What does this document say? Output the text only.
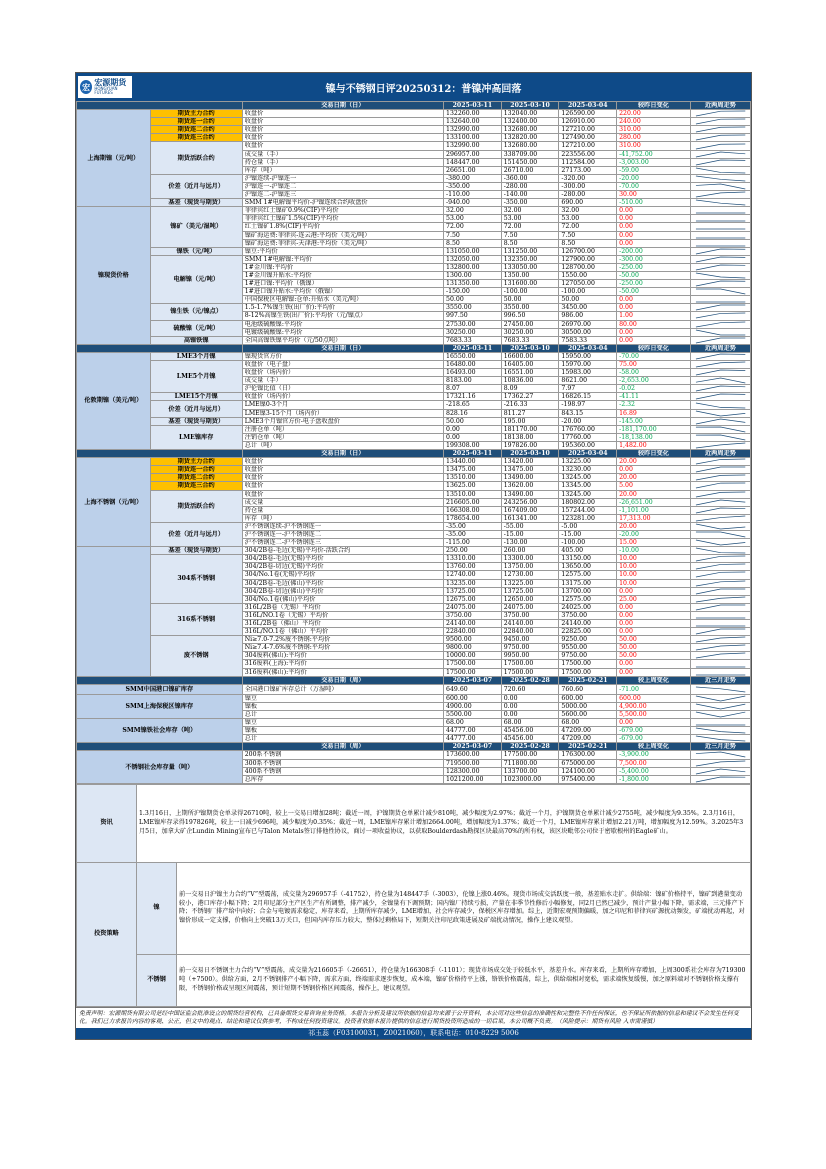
宏 宏源期货
HONGYUAN FUTURES	镍与不锈钢日评20250312：普镍冲高回落
		交易日期（日）	2025-03-11	2025-03-10	2025-03-04	较昨日变化	近两周走势
上海期镍（元/吨）	期货主力合约	收盘价	132260.00	132040.00	126590.00	220.00	

	期货连一合约	收盘价	132640.00	132400.00	126910.00	240.00	

	期货连二合约	收盘价	132990.00	132680.00	127210.00	310.00	

	期货连三合约	收盘价	133100.00	132820.00	127490.00	280.00	

	期货活跃合约	收盘价	132990.00	132680.00	127210.00	310.00	

		成交量（手）	296957.00	338709.00	223556.00	-41,752.00	

		持仓量（手）	148447.00	151450.00	112584.00	-3,003.00	

		库存（吨）	26651.00	26710.00	27173.00	-59.00	

	价差（近月与远月）	沪镍连续-沪镍连一	-380.00	-360.00	-320.00	-20.00	

		沪镍连一-沪镍连二	-350.00	-280.00	-300.00	-70.00	

		沪镍连二-沪镍连三	-110.00	-140.00	-280.00	30.00	

	基差（现货与期货）	SMM 1#电解镍平均价-沪镍连续合约收盘价	-940.00	-350.00	690.00	-510.00	

镍现货价格	镍矿（美元/湿吨）	菲律宾红土镍矿0.9%(CIF)平均价	32.00	32.00	32.00	0.00	

		菲律宾红土镍矿1.5%(CIF)平均价	53.00	53.00	53.00	0.00	

		红土镍矿1.8%(CIF)平均价	72.00	72.00	72.00	0.00	

		镍矿海运费:菲律宾-连云港:平均价（美元/吨）	7.50	7.50	7.50	0.00	

		镍矿海运费:菲律宾-天津港:平均价（美元/吨）	8.50	8.50	8.50	0.00	

	镍铁（元/吨）	镍豆:平均价	131050.00	131250.00	126700.00	-200.00	

	电解镍（元/吨）	SMM 1#电解镍:平均价	132050.00	132350.00	127900.00	-300.00	

		1#金川镍:平均价	132800.00	133050.00	128700.00	-250.00	

		1#金川镍升贴水:平均价	1300.00	1350.00	1550.00	-50.00	

		1#进口镍:平均价（俄镍）	131350.00	131600.00	127050.00	-250.00	

		1#进口镍升贴水:平均价（俄镍）	-150.00	-100.00	-100.00	-50.00	

		中国保税区电解镍:仓单:升贴水（美元/吨）	50.00	50.00	50.00	0.00	

	镍生铁（元/镍点）	1.5-1.7%镍生铁(出厂价):平均价	3550.00	3550.00	3450.00	0.00	

		8-12%高镍生铁(出厂价):平均价（元/镍点）	997.50	996.50	986.00	1.00	

	硫酸镍（元/吨）	电池级硫酸镍:平均价	27530.00	27450.00	26970.00	80.00	

		电镀级硫酸镍:平均价	30250.00	30250.00	30500.00	0.00	

	高镍铁镍	全国高镍铁镍平均价（元/50点吨）	7683.33	7683.33	7583.33	0.00	

		交易日期（日）	2025-03-11	2025-03-10	2025-03-04	较昨日变化	近两周走势
伦敦期镍（美元/吨）	LME3个月镍	镍现货官方价	16550.00	16600.00	15950.00	-70.00	

	LME5个月镍	收盘价（电子盘）	16480.00	16405.00	15970.00	75.00	

		收盘价（场内价）	16493.00	16551.00	15983.00	-58.00	

		成交量（手）	8183.00	10836.00	8621.00	-2,653.00	

		沪伦镍比值（日）	8.07	8.09	7.97	-0.02	

	LME15个月镍	收盘价（场内价）	17321.16	17362.27	16826.15	-41.11	

	价差（近月与远月）	LME镍0-3个月	-218.65	-216.33	-198.97	-2.32	

		LME镍3-15个月（场内价）	828.16	811.27	843.15	16.89	

	基差（现货与期货）	LME3个月镍官方价-电子盘收盘价	50.00	195.00	-20.00	-145.00	

	LME镍库存	注册仓单（吨）	0.00	181170.00	176760.00	-181,170.00	

		注销仓单（吨）	0.00	18138.00	17760.00	-18,138.00	

		总计（吨）	199308.00	197826.00	195360.00	1,482.00	

		交易日期（日）	2025-03-11	2025-03-10	2025-03-04	较昨日变化	近两周走势
上海不锈钢（元/吨）	期货主力合约	收盘价	13440.00	13420.00	13225.00	20.00	

	期货连一合约	收盘价	13475.00	13475.00	13230.00	0.00	

	期货连二合约	收盘价	13510.00	13490.00	13245.00	20.00	

	期货连三合约	收盘价	13625.00	13620.00	13345.00	5.00	

	期货活跃合约	收盘价	13510.00	13490.00	13245.00	20.00	

		成交量	216605.00	243256.00	180802.00	-26,651.00	

		持仓量	166308.00	167409.00	157244.00	-1,101.00	

		库存（吨）	178654.00	161341.00	123281.00	17,313.00	

	价差（近月与远月）	沪不锈钢连续-沪不锈钢连一	-35.00	-55.00	-5.00	20.00	

		沪不锈钢连一-沪不锈钢连二	-35.00	-15.00	-15.00	-20.00	

		沪不锈钢连二-沪不锈钢连三	-115.00	-130.00	-100.00	15.00	

	基差（现货与期货）	304/2B卷-毛边(无锡)平均价-活跃合约	250.00	260.00	405.00	-10.00	

	304系不锈钢	304/2B卷-毛边(无锡)平均价	13310.00	13300.00	13150.00	10.00	

		304/2B卷-切边(无锡)平均价	13760.00	13750.00	13650.00	10.00	

		304/No.1卷(无锡)平均价	12740.00	12730.00	12575.00	10.00	

		304/2B卷-毛边(佛山)平均价	13235.00	13225.00	13175.00	10.00	

		304/2B卷-切边(佛山)平均价	13725.00	13725.00	13700.00	0.00	

		304/No.1卷(佛山)平均价	12675.00	12650.00	12575.00	25.00	

	316系不锈钢	316L/2B卷（无锡）平均价	24075.00	24075.00	24025.00	0.00	

		316L/NO.1卷（无锡）平均价	3750.00	3750.00	3750.00	0.00	

		316L/2B卷（佛山）平均价	24140.00	24140.00	24140.00	0.00	

		316L/NO.1卷（佛山）平均价	22840.00	22840.00	22825.00	0.00	

	废不锈钢	Ni≥7.0-7.2%废不锈钢:平均价	9500.00	9450.00	9250.00	50.00	

		Ni≥7.4-7.6%废不锈钢:平均价	9800.00	9750.00	9550.00	50.00	

		304废料(佛山):平均价	10000.00	9950.00	9750.00	50.00	

		316废料(上海):平均价	17500.00	17500.00	17500.00	0.00	

		316废料(佛山):平均价	17500.00	17500.00	17500.00	0.00	

		交易日期（周）	2025-03-07	2025-02-28	2025-02-21	较上周变化	近三月走势
SMM中国港口镍矿库存		全国港口镍矿库存总计（万湿吨）	649.60	720.60	760.60	-71.00	

SMM上海保税区镍库存		镍豆	600.00	0.00	600.00	600.00	

		镍板	4900.00	0.00	5000.00	4,900.00	

		总计	5500.00	0.00	5600.00	5,500.00	

SMM镍铁社会库存（吨）		镍豆	68.00	68.00	68.00	0.00	

		镍板	44777.00	45456.00	47209.00	-679.00	

		总计	44777.00	45456.00	47209.00	-679.00	

		交易日期（周）	2025-03-07	2025-02-28	2025-02-21	较上周变化	近三月走势
不锈钢社会库存量（吨）		200系不锈钢	173600.00	177500.00	176300.00	-3,900.00	

		300系不锈钢	719500.00	711800.00	675000.00	7,500.00	

		400系不锈钢	128300.00	133700.00	124100.00	-5,400.00	

		总库存	1021200.00	1023000.00	975400.00	-1,800.00	
资讯	1.3月16日，上期所沪镍期货仓单录得26710吨，较上一交易日增加28吨；截近一周，沪镍期货仓单累计减少810吨，减少幅度为2.97%；截近一个月，沪镍期货仓单累计减少2755吨，减少幅度为9.35%。2.3月16日，LME镍库存录得197826吨，较上一日减少696吨，减少幅度为0.35%；截近一周，LME镍库存累计增加2664.00吨，增加幅度为1.37%；截近一个月，LME镍库存累计增加2.21万吨，增加幅度为12.59%。3.2025年3月5日，加拿大矿企Lundin Mining宣布已与Talon Metals签订排他性协议，商讨一项收益协议，以获取Boulderdash勘探区块最高70%的所有权，该区块毗邻公司位于密歇根州的Eagle矿山。	
投资策略	镍	前一交易日沪镍主力合约“V”型震荡，成交量为296957手（-41752），持仓量为148447手（-3003），伦镍上涨0.46%。现货市场成交活跃度一般，基差贴水走扩。供给端：镍矿价格持平，镍矿到港量变动较小，港口库存小幅下降；2月印尼部分主产区生产有所调整，排产减少，全镍量有下调预期；国内镍厂持续亏损，产量在非季节性修后小幅修复，同2月已然已减少，预计产量小幅下降，需求端，三元排产下降；不锈钢厂排产给中向好；合金与电镀需求稳定，库存来看，上期所库存减少，LME增加，社会库存减少，保税区库存增加。综上，近期宏观预期偏暖，加之印尼和菲律宾矿源扰动频发，矿端扰动再起，对镍价形成一定支撑，价格向上突破13万关口，但国内库存压力较大，整体过剩格局下，短期关注印尼政策进展及矿端扰动情况，操作上建议观望。
	不锈钢	前一交易日不锈钢主力合约“V”型震荡，成交量为216605手（-26651），持仓量为166308手（-1101）；现货市场成交处于较低水平，基差升水。库存来看，上期所库存增加，上周300系社会库存为719300吨（+7500）。供给方面，2月不锈钢排产小幅下降，需求方面，终端需求逐步恢复，成本端，镍矿价格持平上涨，铬铁价格震荡，综上，供给端相对宽松，需求端恢复缓慢，加之原料端对不锈钢价格支撑有限，不锈钢价格或呈现区间震荡，预计短期不锈钢价格区间震荡，操作上，建议观望。
免责声明：宏源期货有限公司是经中国证监会批准设立的期货经营机构，已具备期货交易咨询业务资格。本报告分析及建议所依据的信息均来源于公开资料，本公司对这些信息的准确性和完整性不作任何保证，也不保证所依据的信息和建议不会发生任何变化。我们已力求报告内容的客观、公正，但文中的观点、结论和建议仅供参考，不构成任何投资建议。投资者依据本报告提供的信息进行期货投资所造成的一切后果，本公司概不负责。（风险提示：期货有风险 入市需谨慎）
祁玉蕊（F03100031，Z0021060），联系电话：010-8229 5006
